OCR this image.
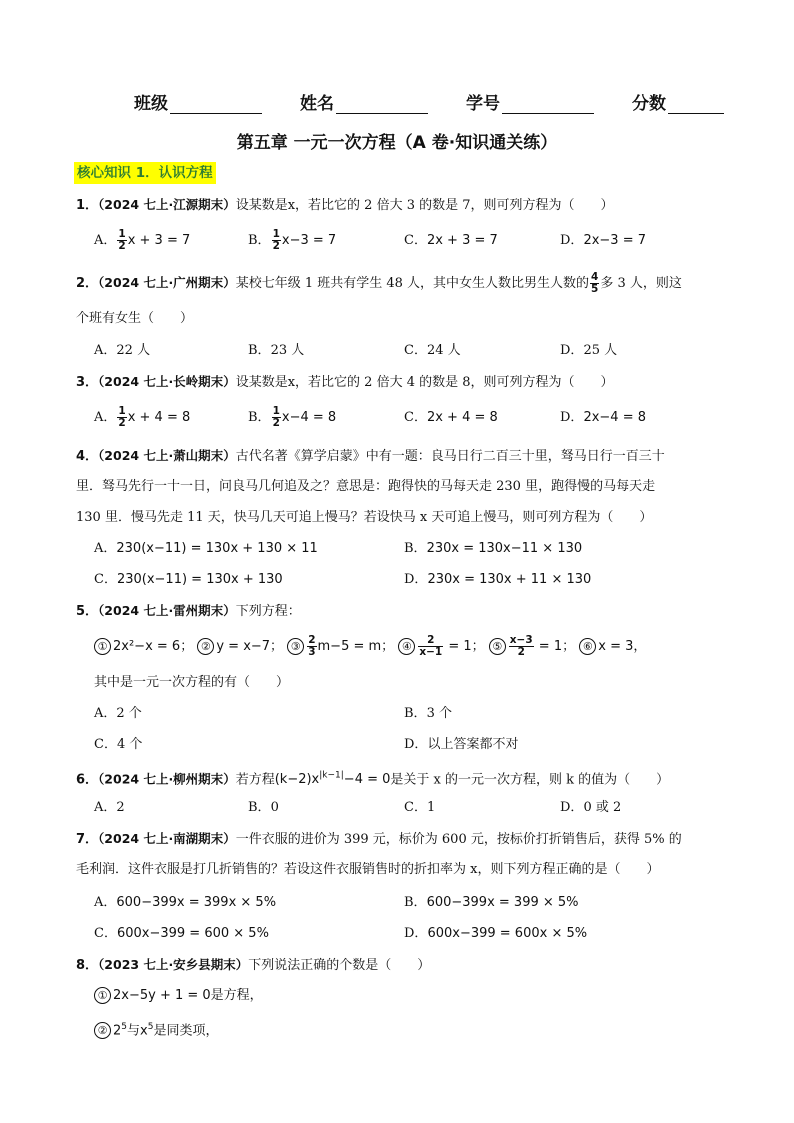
班级	姓名	学号	分数
第五章 一元一次方程（A 卷·知识通关练）
核心知识 1．认识方程
1．（2024 七上·江源期末）设某数是x，若比它的 2 倍大 3 的数是 7，则可列方程为（　　）
A． $\frac{1}{2}$ x + 3 = 7	B． $\frac{1}{2} x-3 = 7$	C．2x + 3 = 7	D．2x−3 = 7
2．（2024 七上·广州期末）某校七年级 1 班共有学生 48 人，其中女生人数比男生人数的 $\frac{4}{5}$ 多 3 人，则这
个班有女生（　　）
A．22 人	B．23 人	C．24 人	D．25 人
3．（2024 七上·长岭期末）设某数是x，若比它的 2 倍大 4 的数是 8，则可列方程为（　　）
A． $\frac{1}{2}$ x + 4 = 8	B． $\frac{1}{2} x-4 = 8$	C．2x + 4 = 8	D．2x−4 = 8
4．（2024 七上·萧山期末）古代名著《算学启蒙》中有一题：良马日行二百三十里，驽马日行一百三十
里．驽马先行一十一日，问良马几何追及之？意思是：跑得快的马每天走 230 里，跑得慢的马每天走
130 里．慢马先走 11 天，快马几天可追上慢马？若设快马 x 天可追上慢马，则可列方程为（　　）
A．230(x−11) = 130x + 130 × 11	B．230x = 130x−11 × 130
C．230(x−11) = 130x + 130	D．230x = 130x + 11 × 130
5．（2024 七上·雷州期末）下列方程：
① 2x²−x = 6； ② y = x−7； ③ $\frac{2}{3} m-5 = m$； ④ $\frac{2}{x-1} = 1$； ⑤ $\frac{x-3}{2} = 1$； ⑥ x = 3，
其中是一元一次方程的有（　　）
A．2 个	B．3 个
C．4 个	D．以上答案都不对
6．（2024 七上·柳州期末）若方程$(k-2)x^{|k-1|}-4 = 0$是关于 x 的一元一次方程，则 k 的值为（　　）
A．2	B．0	C．1	D．0 或 2
7．（2024 七上·南湖期末）一件衣服的进价为 399 元，标价为 600 元，按标价打折销售后，获得 5% 的
毛利润．这件衣服是打几折销售的？若设这件衣服销售时的折扣率为 x，则下列方程正确的是（　　）
A．600−399x = 399x × 5%	B．600−399x = 399 × 5%
C．600x−399 = 600 × 5%	D．600x−399 = 600x × 5%
8．（2023 七上·安乡县期末）下列说法正确的个数是（　　）
① 2x−5y + 1 = 0是方程，
② $2^5$与$x^5$是同类项，
